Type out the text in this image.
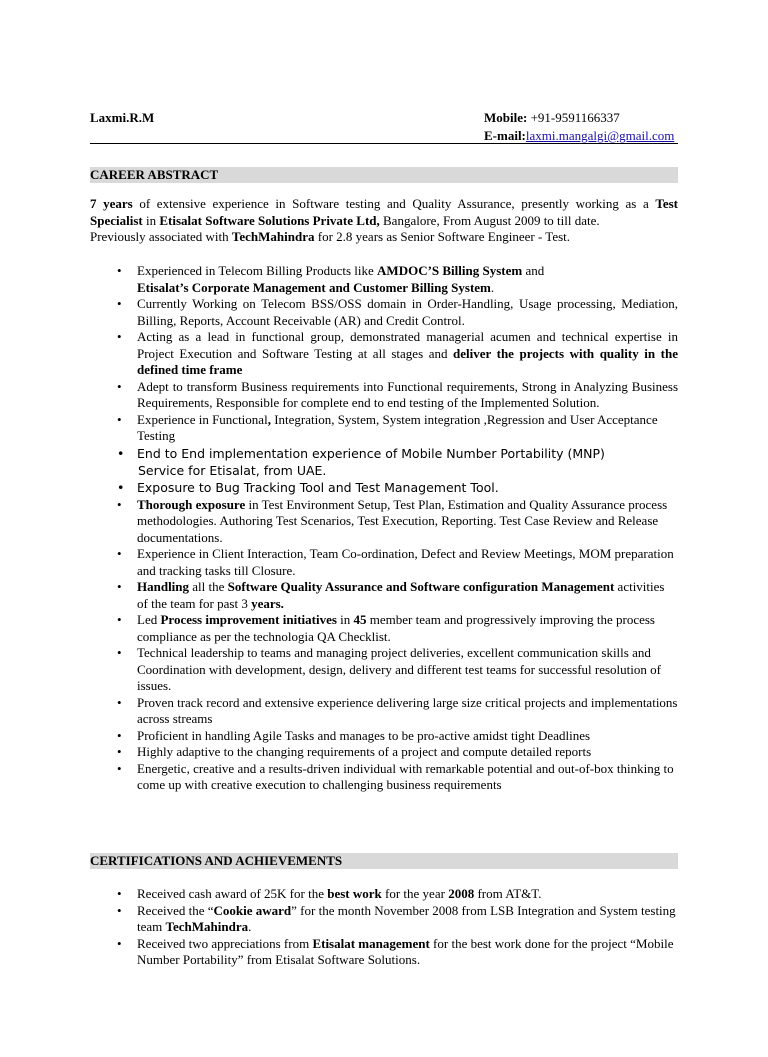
Laxmi.R.M	Mobile: +91-9591166337
E-mail:laxmi.mangalgi@gmail.com
CAREER ABSTRACT
7 years of extensive experience in Software testing and Quality Assurance, presently working as a Test Specialist in Etisalat Software Solutions Private Ltd, Bangalore, From August 2009 to till date.
Previously associated with TechMahindra for 2.8 years as Senior Software Engineer - Test.
• Experienced in Telecom Billing Products like AMDOC’S Billing System and
Etisalat’s Corporate Management and Customer Billing System.
• Currently Working on Telecom BSS/OSS domain in Order-Handling, Usage processing, Mediation, Billing, Reports, Account Receivable (AR) and Credit Control.
• Acting as a lead in functional group, demonstrated managerial acumen and technical expertise in Project Execution and Software Testing at all stages and deliver the projects with quality in the defined time frame
• Adept to transform Business requirements into Functional requirements, Strong in Analyzing Business Requirements, Responsible for complete end to end testing of the Implemented Solution.
• Experience in Functional, Integration, System, System integration ,Regression and User Acceptance Testing
• End to End implementation experience of Mobile Number Portability (MNP)
Service for Etisalat, from UAE.
• Exposure to Bug Tracking Tool and Test Management Tool.
• Thorough exposure in Test Environment Setup, Test Plan, Estimation and Quality Assurance process methodologies. Authoring Test Scenarios, Test Execution, Reporting. Test Case Review and Release documentations.
• Experience in Client Interaction, Team Co-ordination, Defect and Review Meetings, MOM preparation and tracking tasks till Closure.
• Handling all the Software Quality Assurance and Software configuration Management activities of the team for past 3 years.
• Led Process improvement initiatives in 45 member team and progressively improving the process compliance as per the technologia QA Checklist.
• Technical leadership to teams and managing project deliveries, excellent communication skills and Coordination with development, design, delivery and different test teams for successful resolution of issues.
• Proven track record and extensive experience delivering large size critical projects and implementations across streams
• Proficient in handling Agile Tasks and manages to be pro-active amidst tight Deadlines
• Highly adaptive to the changing requirements of a project and compute detailed reports
• Energetic, creative and a results-driven individual with remarkable potential and out-of-box thinking to come up with creative execution to challenging business requirements
CERTIFICATIONS AND ACHIEVEMENTS
• Received cash award of 25K for the best work for the year 2008 from AT&T.
• Received the “Cookie award” for the month November 2008 from LSB Integration and System testing team TechMahindra.
• Received two appreciations from Etisalat management for the best work done for the project “Mobile Number Portability” from Etisalat Software Solutions.
